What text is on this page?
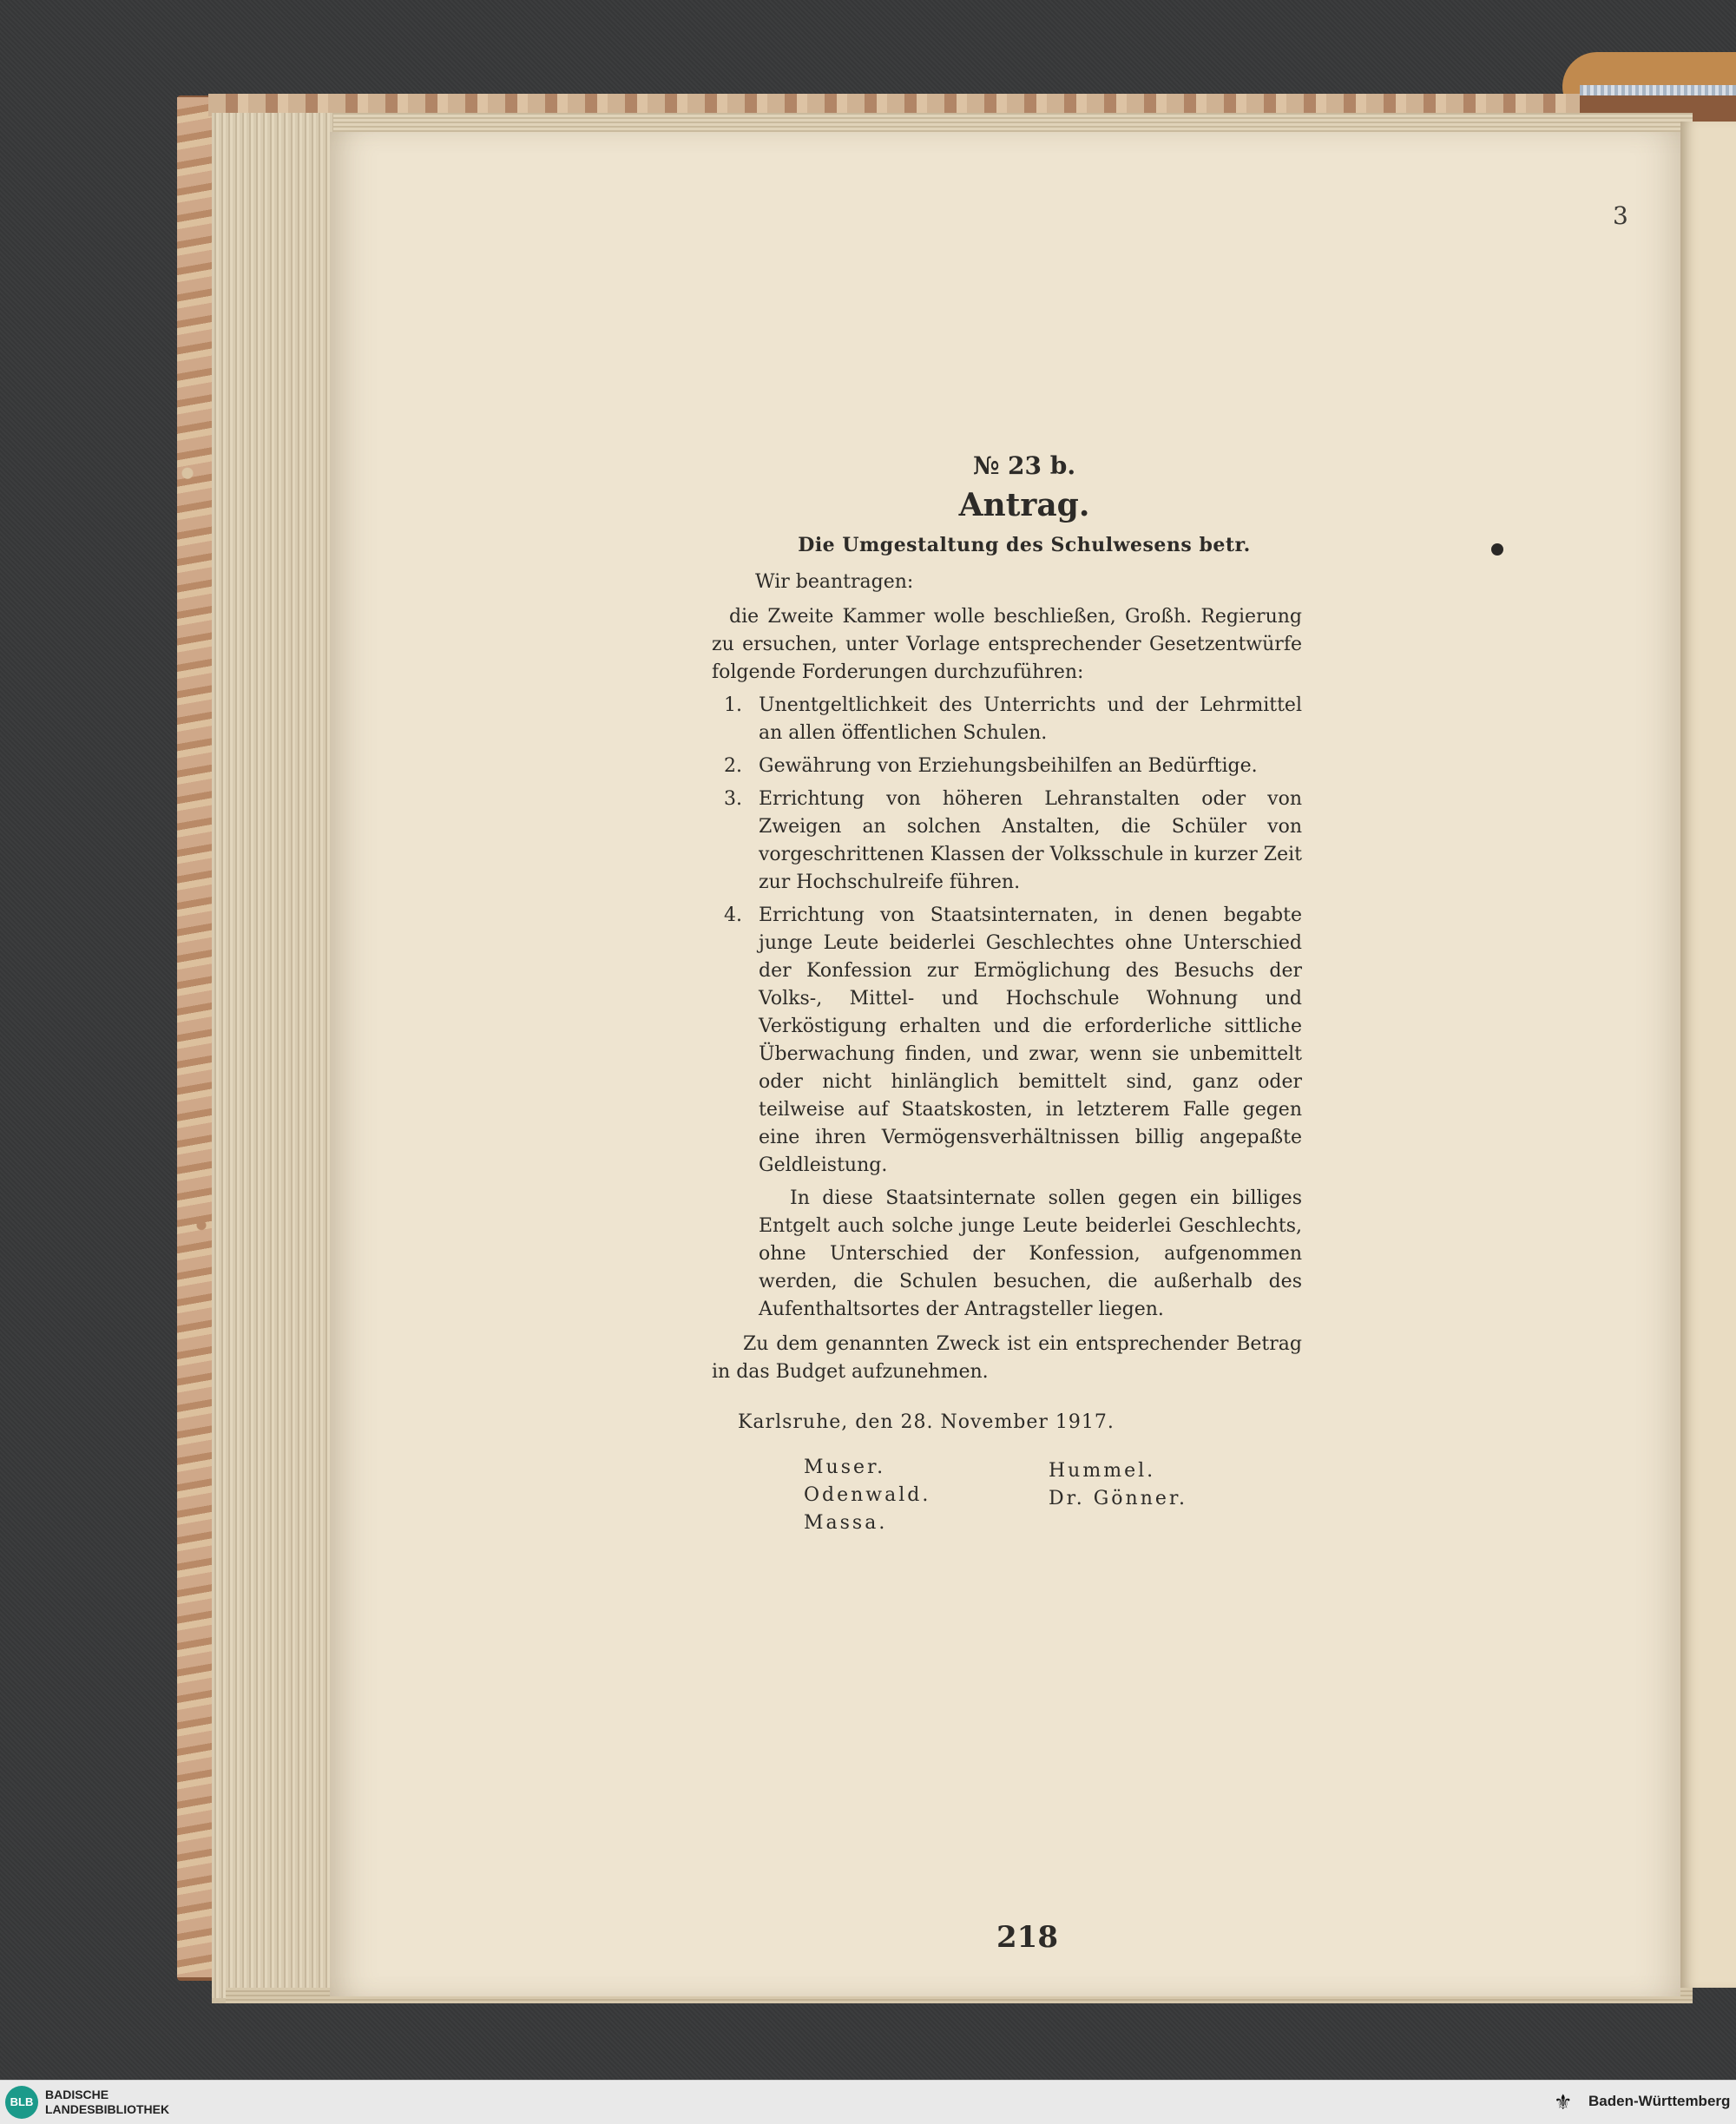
3
№ 23 b.
Antrag.
Die Umgestaltung des Schulwesens betr.
Wir beantragen:
die Zweite Kammer wolle beschließen, Großh. Regierung zu ersuchen, unter Vorlage entsprechender Gesetzentwürfe folgende Forderungen durchzuführen:
1. Unentgeltlichkeit des Unterrichts und der Lehrmittel an allen öffentlichen Schulen.
2. Gewährung von Erziehungsbeihilfen an Bedürftige.
3. Errichtung von höheren Lehranstalten oder von Zweigen an solchen Anstalten, die Schüler von vorgeschrittenen Klassen der Volksschule in kurzer Zeit zur Hochschulreife führen.
4. Errichtung von Staatsinternaten, in denen begabte junge Leute beiderlei Geschlechtes ohne Unterschied der Konfession zur Ermöglichung des Besuchs der Volks-, Mittel- und Hochschule Wohnung und Verköstigung erhalten und die erforderliche sittliche Überwachung finden, und zwar, wenn sie unbemittelt oder nicht hinlänglich bemittelt sind, ganz oder teilweise auf Staatskosten, in letzterem Falle gegen eine ihren Vermögensverhältnissen billig angepaßte Geldleistung.
In diese Staatsinternate sollen gegen ein billiges Entgelt auch solche junge Leute beiderlei Geschlechts, ohne Unterschied der Konfession, aufgenommen werden, die Schulen besuchen, die außerhalb des Aufenthaltsortes der Antragsteller liegen.
Zu dem genannten Zweck ist ein entsprechender Betrag in das Budget aufzunehmen.
Karlsruhe, den 28. November 1917.
Muser.
Odenwald.
Massa.
Hummel.
Dr. Gönner.
218
BLB
BADISCHE
LANDESBIBLIOTHEK	⚜	Baden-Württemberg
